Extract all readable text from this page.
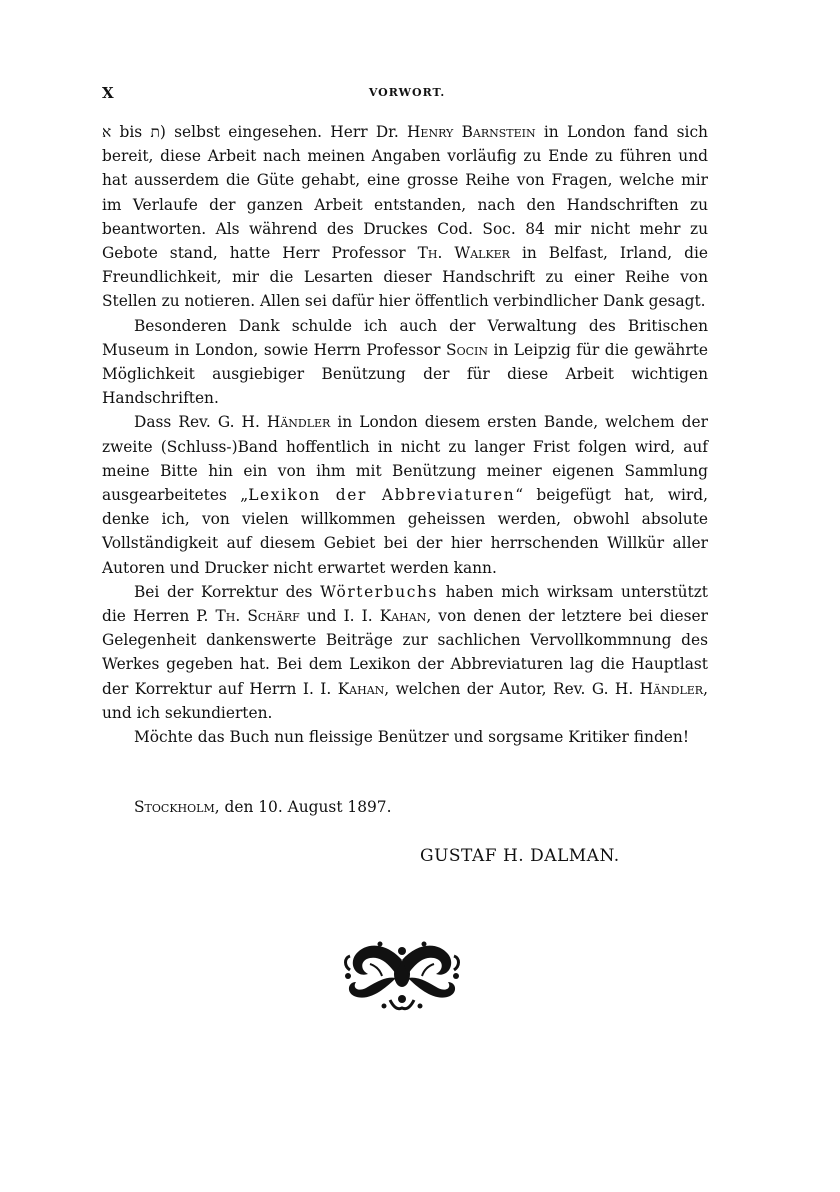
X	VORWORT.

א bis ת) selbst eingesehen. Herr Dr. Henry Barnstein in London fand sich bereit, diese Arbeit nach meinen Angaben vorläufig zu Ende zu führen und hat ausserdem die Güte gehabt, eine grosse Reihe von Fragen, welche mir im Verlaufe der ganzen Arbeit entstanden, nach den Handschriften zu beantworten. Als während des Druckes Cod. Soc. 84 mir nicht mehr zu Gebote stand, hatte Herr Professor Th. Walker in Belfast, Irland, die Freundlichkeit, mir die Lesarten dieser Handschrift zu einer Reihe von Stellen zu notieren. Allen sei dafür hier öffentlich verbindlicher Dank gesagt.

Besonderen Dank schulde ich auch der Verwaltung des Britischen Museum in London, sowie Herrn Professor Socin in Leipzig für die gewährte Möglichkeit ausgiebiger Benützung der für diese Arbeit wichtigen Handschriften.

Dass Rev. G. H. Händler in London diesem ersten Bande, welchem der zweite (Schluss-)Band hoffentlich in nicht zu langer Frist folgen wird, auf meine Bitte hin ein von ihm mit Benützung meiner eigenen Sammlung ausgearbeitetes „Lexikon der Abbreviaturen“ beigefügt hat, wird, denke ich, von vielen willkommen geheissen werden, obwohl absolute Vollständigkeit auf diesem Gebiet bei der hier herrschenden Willkür aller Autoren und Drucker nicht erwartet werden kann.

Bei der Korrektur des Wörterbuchs haben mich wirksam unterstützt die Herren P. Th. Schärf und I. I. Kahan, von denen der letztere bei dieser Gelegenheit dankenswerte Beiträge zur sachlichen Vervollkommnung des Werkes gegeben hat. Bei dem Lexikon der Abbreviaturen lag die Hauptlast der Korrektur auf Herrn I. I. Kahan, welchen der Autor, Rev. G. H. Händler, und ich sekundierten.

Möchte das Buch nun fleissige Benützer und sorgsame Kritiker finden!

Stockholm, den 10. August 1897.
GUSTAF H. DALMAN.
